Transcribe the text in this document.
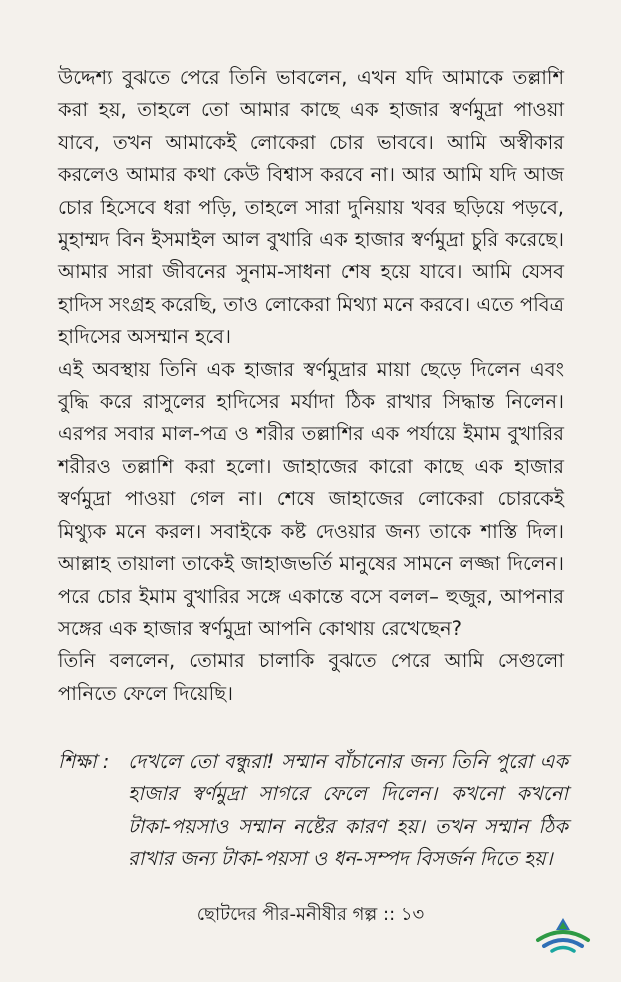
উদ্দেশ্য বুঝতে পেরে তিনি ভাবলেন, এখন যদি আমাকে তল্লাশি করা হয়, তাহলে তো আমার কাছে এক হাজার স্বর্ণমুদ্রা পাওয়া যাবে, তখন আমাকেই লোকেরা চোর ভাববে। আমি অস্বীকার করলেও আমার কথা কেউ বিশ্বাস করবে না। আর আমি যদি আজ চোর হিসেবে ধরা পড়ি, তাহলে সারা দুনিয়ায় খবর ছড়িয়ে পড়বে, মুহাম্মদ বিন ইসমাইল আল বুখারি এক হাজার স্বর্ণমুদ্রা চুরি করেছে। আমার সারা জীবনের সুনাম-সাধনা শেষ হয়ে যাবে। আমি যেসব হাদিস সংগ্রহ করেছি, তাও লোকেরা মিথ্যা মনে করবে। এতে পবিত্র হাদিসের অসম্মান হবে।

এই অবস্থায় তিনি এক হাজার স্বর্ণমুদ্রার মায়া ছেড়ে দিলেন এবং বুদ্ধি করে রাসুলের হাদিসের মর্যাদা ঠিক রাখার সিদ্ধান্ত নিলেন। এরপর সবার মাল-পত্র ও শরীর তল্লাশির এক পর্যায়ে ইমাম বুখারির শরীরও তল্লাশি করা হলো। জাহাজের কারো কাছে এক হাজার স্বর্ণমুদ্রা পাওয়া গেল না। শেষে জাহাজের লোকেরা চোরকেই মিথ্যুক মনে করল। সবাইকে কষ্ট দেওয়ার জন্য তাকে শাস্তি দিল। আল্লাহ তায়ালা তাকেই জাহাজভর্তি মানুষের সামনে লজ্জা দিলেন। পরে চোর ইমাম বুখারির সঙ্গে একান্তে বসে বলল– হুজুর, আপনার সঙ্গের এক হাজার স্বর্ণমুদ্রা আপনি কোথায় রেখেছেন?

তিনি বললেন, তোমার চালাকি বুঝতে পেরে আমি সেগুলো পানিতে ফেলে দিয়েছি।

শিক্ষা : দেখলে তো বন্ধুরা! সম্মান বাঁচানোর জন্য তিনি পুরো এক হাজার স্বর্ণমুদ্রা সাগরে ফেলে দিলেন। কখনো কখনো টাকা-পয়সাও সম্মান নষ্টের কারণ হয়। তখন সম্মান ঠিক রাখার জন্য টাকা-পয়সা ও ধন-সম্পদ বিসর্জন দিতে হয়।
ছোটদের পীর-মনীষীর গল্প :: ১৩
